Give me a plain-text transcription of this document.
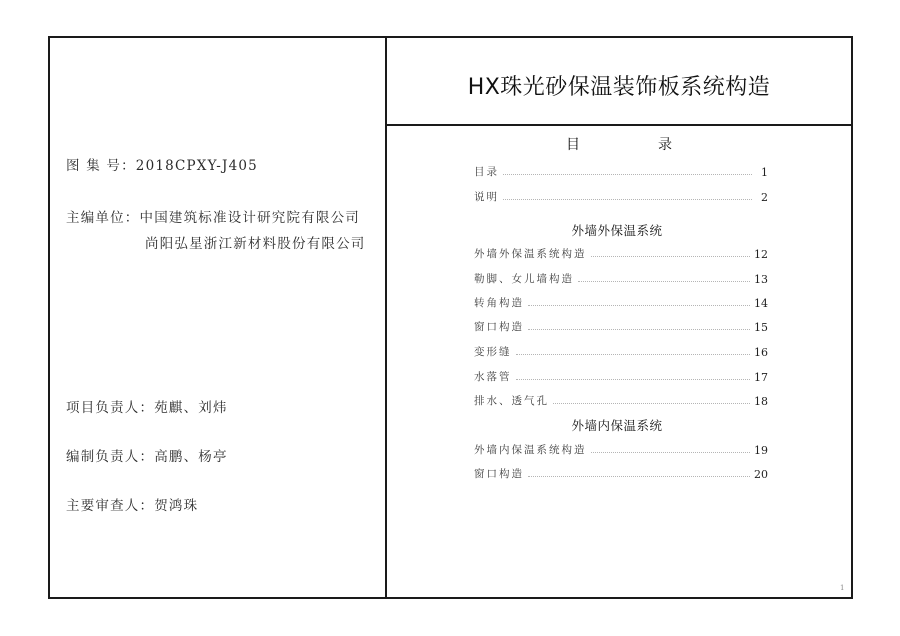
图 集 号：2018CPXY-J405
主编单位：中国建筑标准设计研究院有限公司
尚阳弘星浙江新材料股份有限公司
项目负责人：苑麒、刘炜
编制负责人：高鹏、杨亭
主要审查人：贺鸿珠
HX珠光砂保温装饰板系统构造
目	录
目录	1
说明	2
外墙外保温系统
外墙外保温系统构造	12
勒脚、女儿墙构造	13
转角构造	14
窗口构造	15
变形缝	16
水落管	17
排水、透气孔	18
外墙内保温系统
外墙内保温系统构造	19
窗口构造	20
1
